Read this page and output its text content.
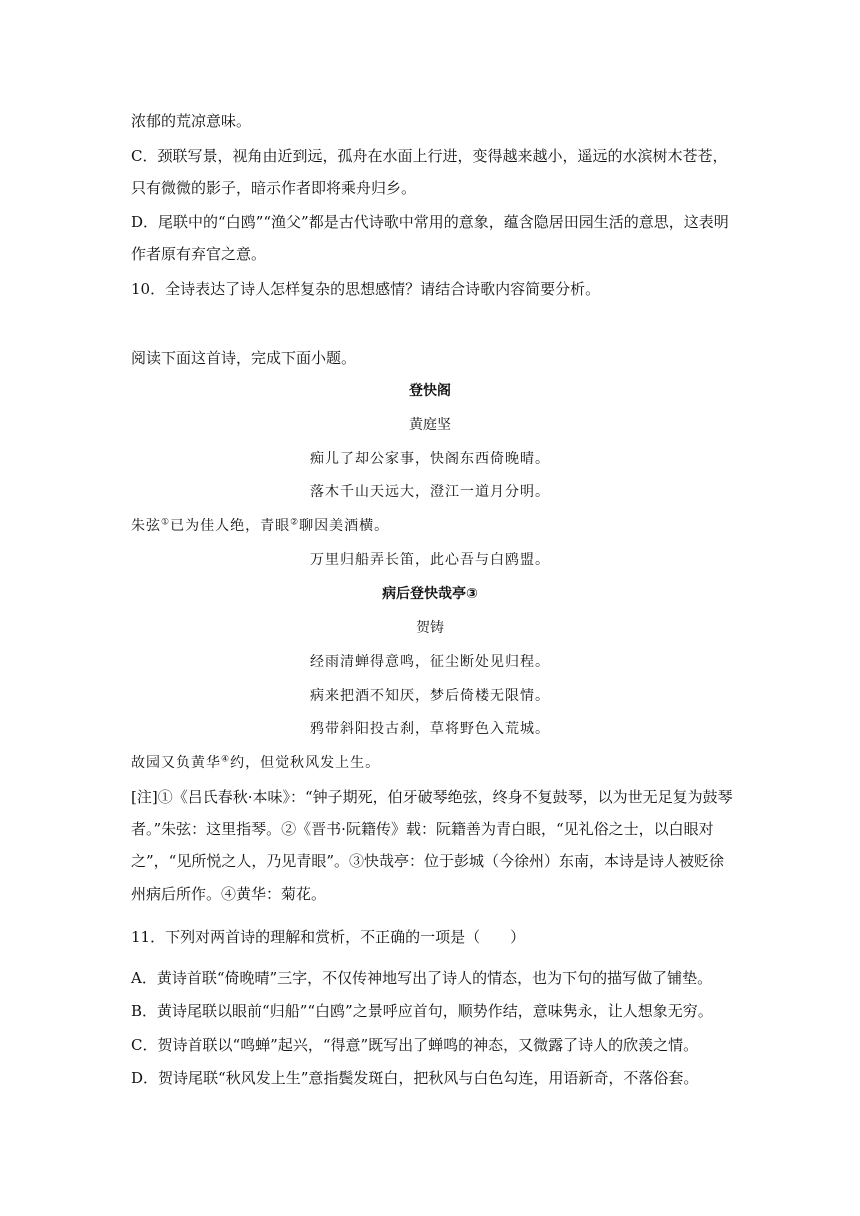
浓郁的荒凉意味。
C．颈联写景，视角由近到远，孤舟在水面上行进，变得越来越小，遥远的水滨树木苍苍，
只有微微的影子，暗示作者即将乘舟归乡。
D．尾联中的“白鸥”“渔父”都是古代诗歌中常用的意象，蕴含隐居田园生活的意思，这表明
作者原有弃官之意。
10．全诗表达了诗人怎样复杂的思想感情？请结合诗歌内容简要分析。
阅读下面这首诗，完成下面小题。
登快阁
黄庭坚
痴儿了却公家事，快阁东西倚晚晴。
落木千山天远大，澄江一道月分明。
朱弦①已为佳人绝，青眼②聊因美酒横。
万里归船弄长笛，此心吾与白鸥盟。
病后登快哉亭③
贺铸
经雨清蝉得意鸣，征尘断处见归程。
病来把酒不知厌，梦后倚楼无限情。
鸦带斜阳投古刹，草将野色入荒城。
故园又负黄华④约，但觉秋风发上生。
[注]①《吕氏春秋·本味》：“钟子期死，伯牙破琴绝弦，终身不复鼓琴，以为世无足复为鼓琴
者。”朱弦：这里指琴。②《晋书·阮籍传》载：阮籍善为青白眼，“见礼俗之士，以白眼对
之”，“见所悦之人，乃见青眼”。③快哉亭：位于彭城（今徐州）东南，本诗是诗人被贬徐
州病后所作。④黄华：菊花。
11．下列对两首诗的理解和赏析，不正确的一项是（　　）
A．黄诗首联“倚晚晴”三字，不仅传神地写出了诗人的情态，也为下句的描写做了铺垫。
B．黄诗尾联以眼前“归船”“白鸥”之景呼应首句，顺势作结，意味隽永，让人想象无穷。
C．贺诗首联以“鸣蝉”起兴，“得意”既写出了蝉鸣的神态，又微露了诗人的欣羡之情。
D．贺诗尾联“秋风发上生”意指鬓发斑白，把秋风与白色勾连，用语新奇，不落俗套。
